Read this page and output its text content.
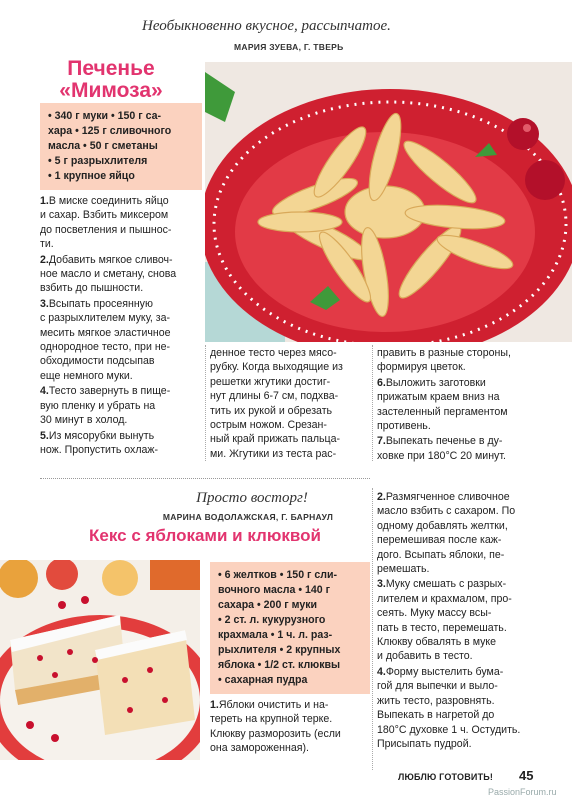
Необыкновенно вкусное, рассыпчатое.
МАРИЯ ЗУЕВА, Г. ТВЕРЬ
Печенье
«Мимоза»
• 340 г муки • 150 г са-
хара • 125 г сливочного
масла • 50 г сметаны
• 5 г разрыхлителя
• 1 крупное яйцо

1.В миске соединить яйцо
и сахар. Взбить миксером
до посветления и пышнос-
ти.

2.Добавить мягкое сливоч-
ное масло и сметану, снова
взбить до пышности.

3.Всыпать просеянную
с разрыхлителем муку, за-
месить мягкое эластичное
однородное тесто, при не-
обходимости подсыпав
еще немного муки.

4.Тесто завернуть в пище-
вую пленку и убрать на
30 минут в холод.

5.Из мясорубки вынуть
нож. Пропустить охлаж-

денное тесто через мясо-
рубку. Когда выходящие из
решетки жгутики достиг-
нут длины 6-7 см, подхва-
тить их рукой и обрезать
острым ножом. Срезан-
ный край прижать пальца-
ми. Жгутики из теста рас-

править в разные стороны,
формируя цветок.

6.Выложить заготовки
прижатым краем вниз на
застеленный пергаментом
противень.

7.Выпекать печенье в ду-
ховке при 180°С 20 минут.

Просто восторг!
МАРИНА ВОДОЛАЖСКАЯ, Г. БАРНАУЛ
Кекс с яблоками и клюквой
• 6 желтков • 150 г сли-
вочного масла • 140 г
сахара • 200 г муки
• 2 ст. л. кукурузного
крахмала • 1 ч. л. раз-
рыхлителя • 2 крупных
яблока • 1/2 ст. клюквы
• сахарная пудра
1.Яблоки очистить и на-
тереть на крупной терке.
Клюкву разморозить (если
она замороженная).

2.Размягченное сливочное
масло взбить с сахаром. По
одному добавлять желтки,
перемешивая после каж-
дого. Всыпать яблоки, пе-
ремешать.

3.Муку смешать с разрых-
лителем и крахмалом, про-
сеять. Муку массу всы-
пать в тесто, перемешать.
Клюкву обвалять в муке
и добавить в тесто.

4.Форму выстелить бума-
гой для выпечки и выло-
жить тесто, разровнять.
Выпекать в нагретой до
180°С духовке 1 ч. Остудить.
Присыпать пудрой.

ЛЮБЛЮ ГОТОВИТЬ! 45
PassionForum.ru
